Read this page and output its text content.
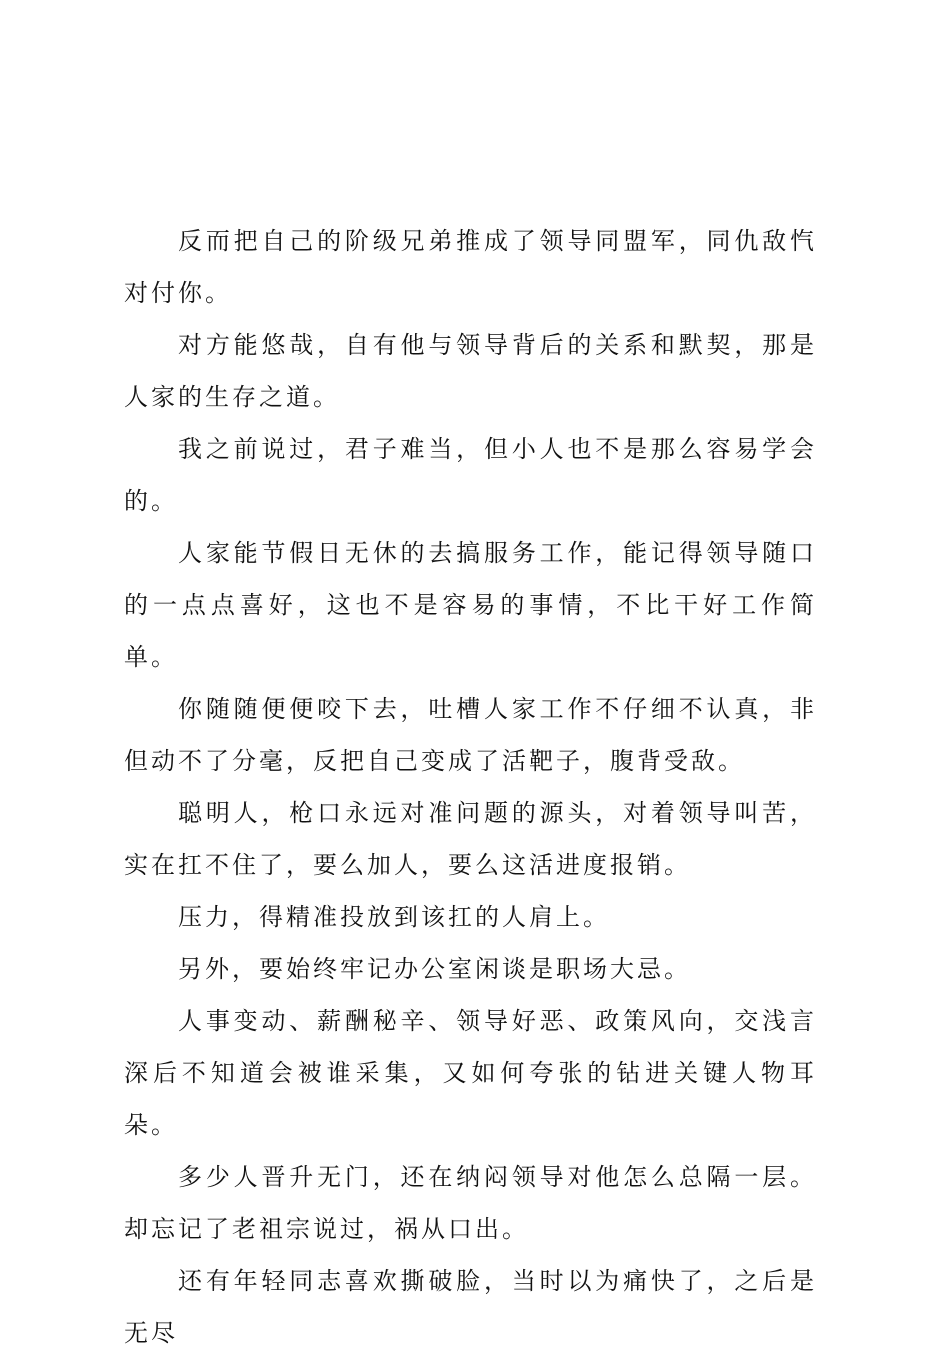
反而把自己的阶级兄弟推成了领导同盟军，同仇敌忾对付你。

对方能悠哉，自有他与领导背后的关系和默契，那是人家的生存之道。

我之前说过，君子难当，但小人也不是那么容易学会的。

人家能节假日无休的去搞服务工作，能记得领导随口的一点点喜好，这也不是容易的事情，不比干好工作简单。

你随随便便咬下去，吐槽人家工作不仔细不认真，非但动不了分毫，反把自己变成了活靶子，腹背受敌。

聪明人，枪口永远对准问题的源头，对着领导叫苦，实在扛不住了，要么加人，要么这活进度报销。

压力，得精准投放到该扛的人肩上。

另外，要始终牢记办公室闲谈是职场大忌。

人事变动、薪酬秘辛、领导好恶、政策风向，交浅言深后不知道会被谁采集，又如何夸张的钻进关键人物耳朵。

多少人晋升无门，还在纳闷领导对他怎么总隔一层。却忘记了老祖宗说过，祸从口出。

还有年轻同志喜欢撕破脸，当时以为痛快了，之后是无尽
